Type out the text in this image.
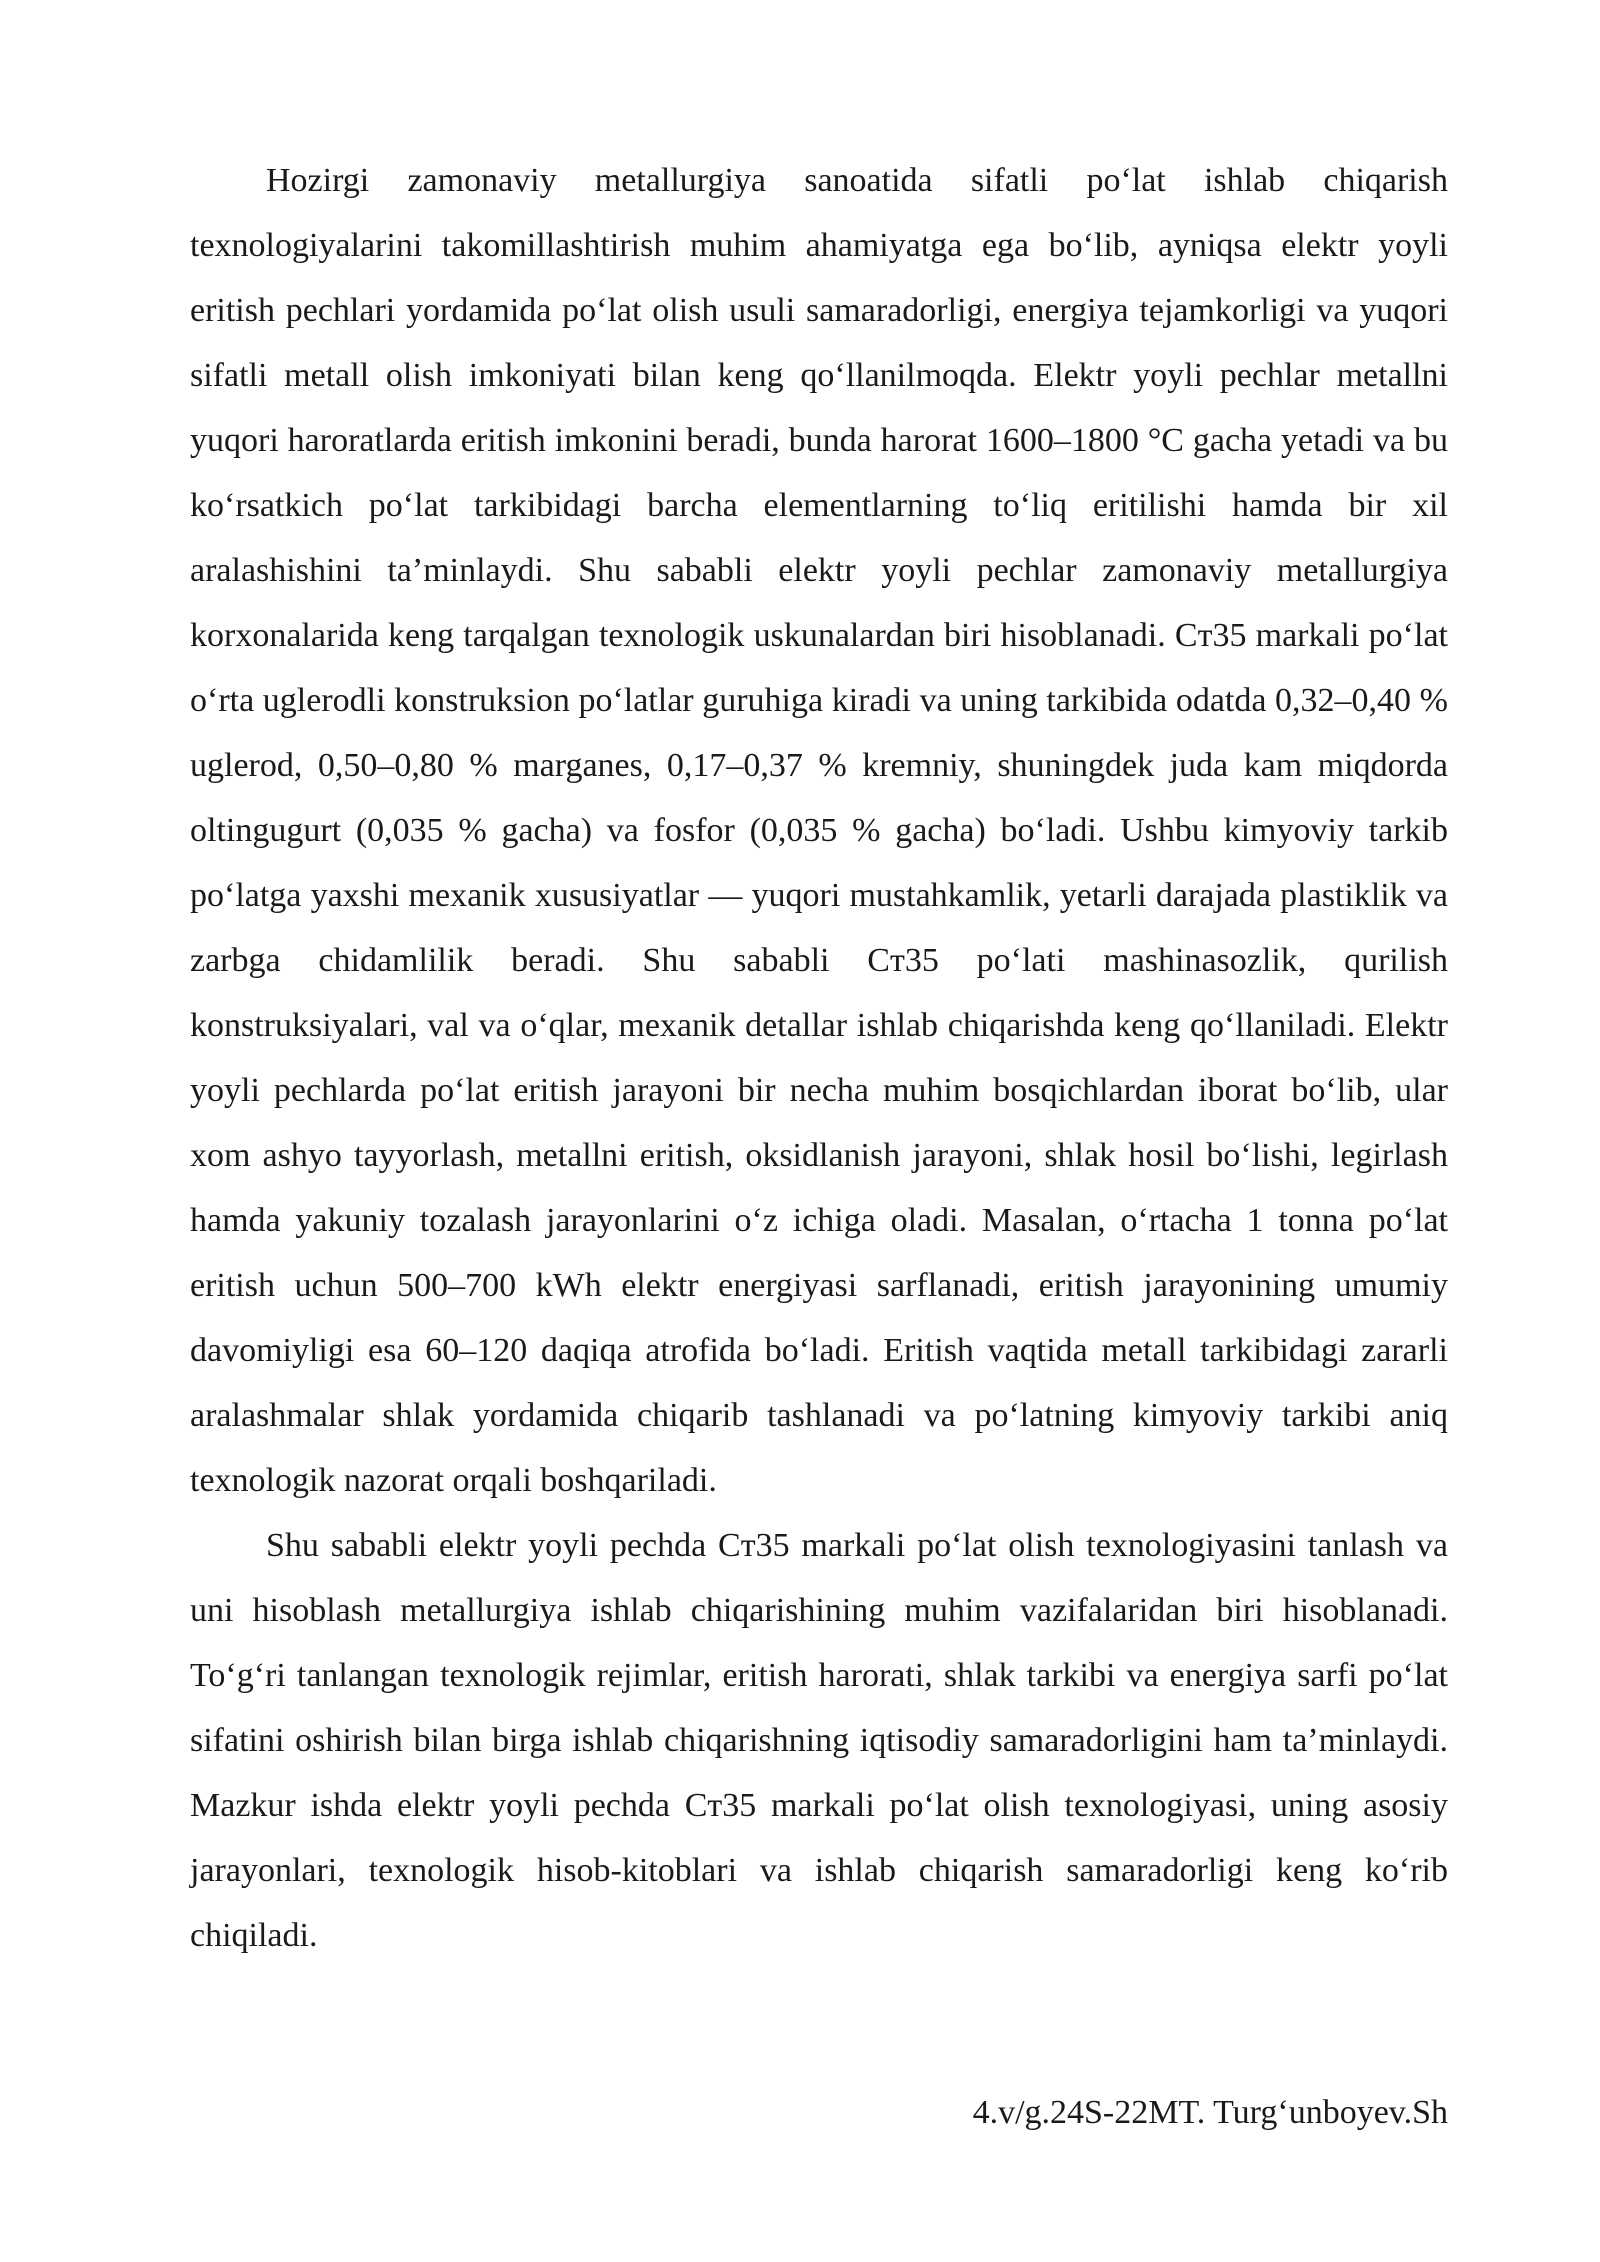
Hozirgi zamonaviy metallurgiya sanoatida sifatli po‘lat ishlab chiqarish texnologiyalarini takomillashtirish muhim ahamiyatga ega bo‘lib, ayniqsa elektr yoyli eritish pechlari yordamida po‘lat olish usuli samaradorligi, energiya tejamkorligi va yuqori sifatli metall olish imkoniyati bilan keng qo‘llanilmoqda. Elektr yoyli pechlar metallni yuqori haroratlarda eritish imkonini beradi, bunda harorat 1600–1800 °C gacha yetadi va bu ko‘rsatkich po‘lat tarkibidagi barcha elementlarning to‘liq eritilishi hamda bir xil aralashishini ta’minlaydi. Shu sababli elektr yoyli pechlar zamonaviy metallurgiya korxonalarida keng tarqalgan texnologik uskunalardan biri hisoblanadi. Cт35 markali po‘lat o‘rta uglerodli konstruksion po‘latlar guruhiga kiradi va uning tarkibida odatda 0,32–0,40 % uglerod, 0,50–0,80 % marganes, 0,17–0,37 % kremniy, shuningdek juda kam miqdorda oltingugurt (0,035 % gacha) va fosfor (0,035 % gacha) bo‘ladi. Ushbu kimyoviy tarkib po‘latga yaxshi mexanik xususiyatlar — yuqori mustahkamlik, yetarli darajada plastiklik va zarbga chidamlilik beradi. Shu sababli Cт35 po‘lati mashinasozlik, qurilish konstruksiyalari, val va o‘qlar, mexanik detallar ishlab chiqarishda keng qo‘llaniladi. Elektr yoyli pechlarda po‘lat eritish jarayoni bir necha muhim bosqichlardan iborat bo‘lib, ular xom ashyo tayyorlash, metallni eritish, oksidlanish jarayoni, shlak hosil bo‘lishi, legirlash hamda yakuniy tozalash jarayonlarini o‘z ichiga oladi. Masalan, o‘rtacha 1 tonna po‘lat eritish uchun 500–700 kWh elektr energiyasi sarflanadi, eritish jarayonining umumiy davomiyligi esa 60–120 daqiqa atrofida bo‘ladi. Eritish vaqtida metall tarkibidagi zararli aralashmalar shlak yordamida chiqarib tashlanadi va po‘latning kimyoviy tarkibi aniq texnologik nazorat orqali boshqariladi.

Shu sababli elektr yoyli pechda Cт35 markali po‘lat olish texnologiyasini tanlash va uni hisoblash metallurgiya ishlab chiqarishining muhim vazifalaridan biri hisoblanadi. To‘g‘ri tanlangan texnologik rejimlar, eritish harorati, shlak tarkibi va energiya sarfi po‘lat sifatini oshirish bilan birga ishlab chiqarishning iqtisodiy samaradorligini ham ta’minlaydi. Mazkur ishda elektr yoyli pechda Cт35 markali po‘lat olish texnologiyasi, uning asosiy jarayonlari, texnologik hisob-kitoblari va ishlab chiqarish samaradorligi keng ko‘rib chiqiladi.

4.v/g.24S-22MT. Turg‘unboyev.Sh
